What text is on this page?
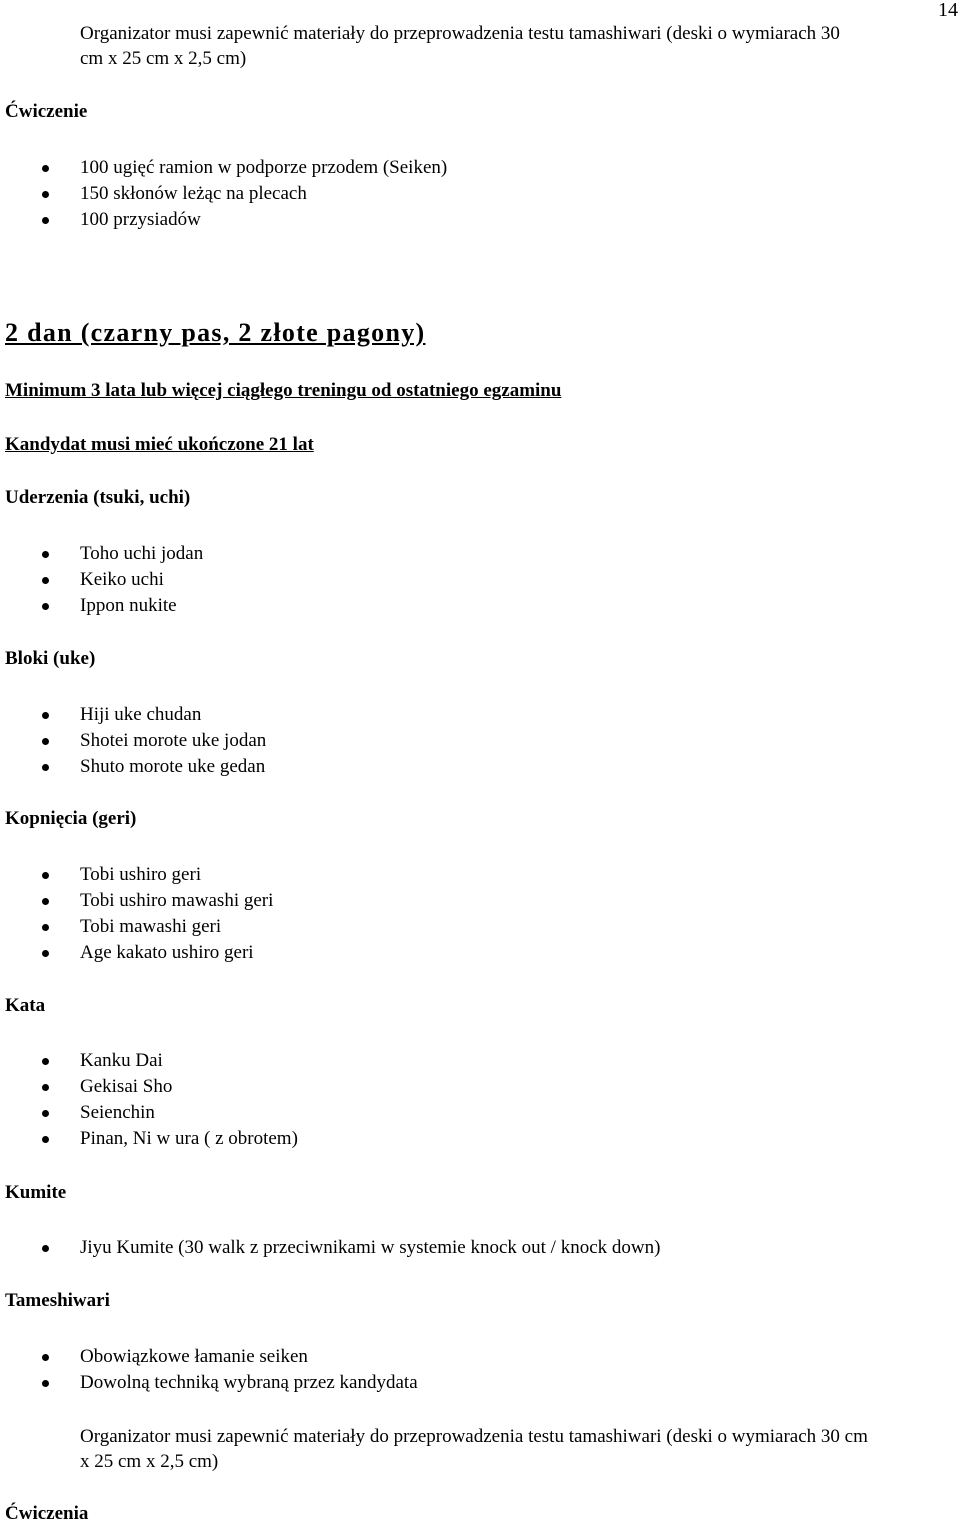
14
Organizator musi zapewnić materiały do przeprowadzenia testu tamashiwari (deski o wymiarach 30
cm x 25 cm x 2,5 cm)
Ćwiczenie
100 ugięć ramion w podporze przodem (Seiken)
150 skłonów leżąc na plecach
100 przysiadów
2 dan (czarny pas, 2 złote pagony)
Minimum 3 lata lub więcej ciągłego treningu od ostatniego egzaminu
Kandydat musi mieć ukończone 21 lat
Uderzenia (tsuki, uchi)
Toho uchi jodan
Keiko uchi
Ippon nukite
Bloki (uke)
Hiji uke chudan
Shotei morote uke jodan
Shuto morote uke gedan
Kopnięcia (geri)
Tobi ushiro geri
Tobi ushiro mawashi geri
Tobi mawashi geri
Age kakato ushiro geri
Kata
Kanku Dai
Gekisai Sho
Seienchin
Pinan, Ni w ura ( z obrotem)
Kumite
Jiyu Kumite (30 walk z przeciwnikami w systemie knock out / knock down)
Tameshiwari
Obowiązkowe łamanie seiken
Dowolną techniką wybraną przez kandydata
Organizator musi zapewnić materiały do przeprowadzenia testu tamashiwari (deski o wymiarach 30 cm
x 25 cm x 2,5 cm)
Ćwiczenia
